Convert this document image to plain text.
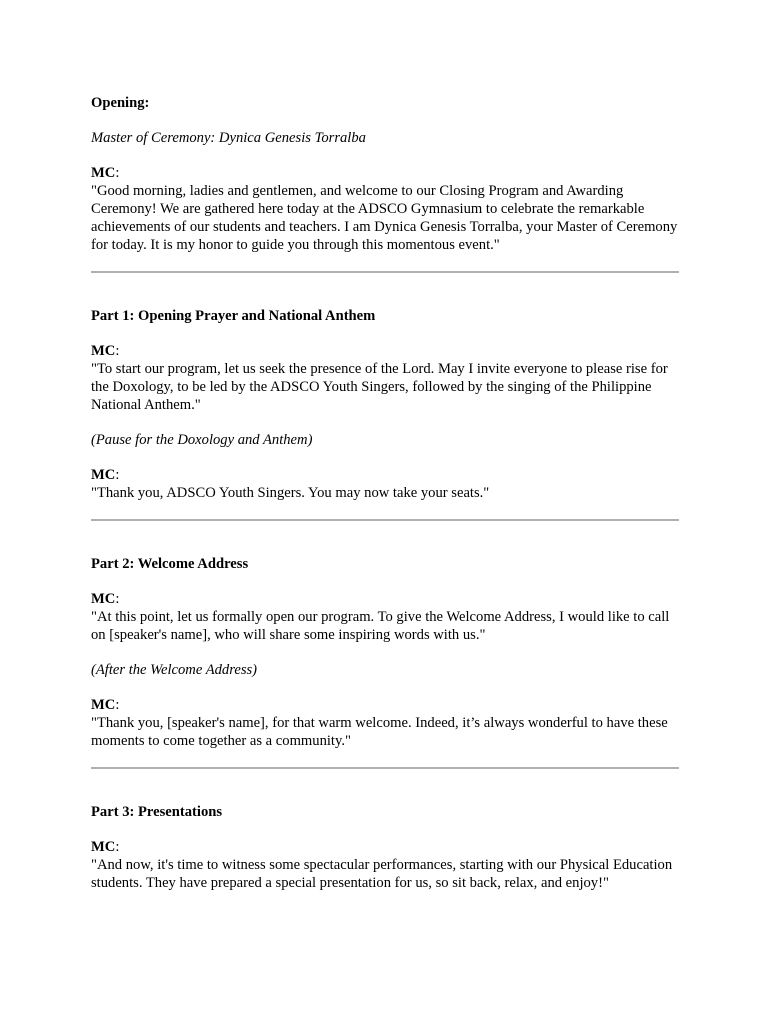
Opening:

Master of Ceremony: Dynica Genesis Torralba

MC:

"Good morning, ladies and gentlemen, and welcome to our Closing Program and Awarding Ceremony! We are gathered here today at the ADSCO Gymnasium to celebrate the remarkable achievements of our students and teachers. I am Dynica Genesis Torralba, your Master of Ceremony for today. It is my honor to guide you through this momentous event."

Part 1: Opening Prayer and National Anthem

MC:

"To start our program, let us seek the presence of the Lord. May I invite everyone to please rise for the Doxology, to be led by the ADSCO Youth Singers, followed by the singing of the Philippine National Anthem."

(Pause for the Doxology and Anthem)

MC:

"Thank you, ADSCO Youth Singers. You may now take your seats."

Part 2: Welcome Address

MC:

"At this point, let us formally open our program. To give the Welcome Address, I would like to call on [speaker's name], who will share some inspiring words with us."

(After the Welcome Address)

MC:

"Thank you, [speaker's name], for that warm welcome. Indeed, it’s always wonderful to have these moments to come together as a community."

Part 3: Presentations

MC:

"And now, it's time to witness some spectacular performances, starting with our Physical Education students. They have prepared a special presentation for us, so sit back, relax, and enjoy!"
